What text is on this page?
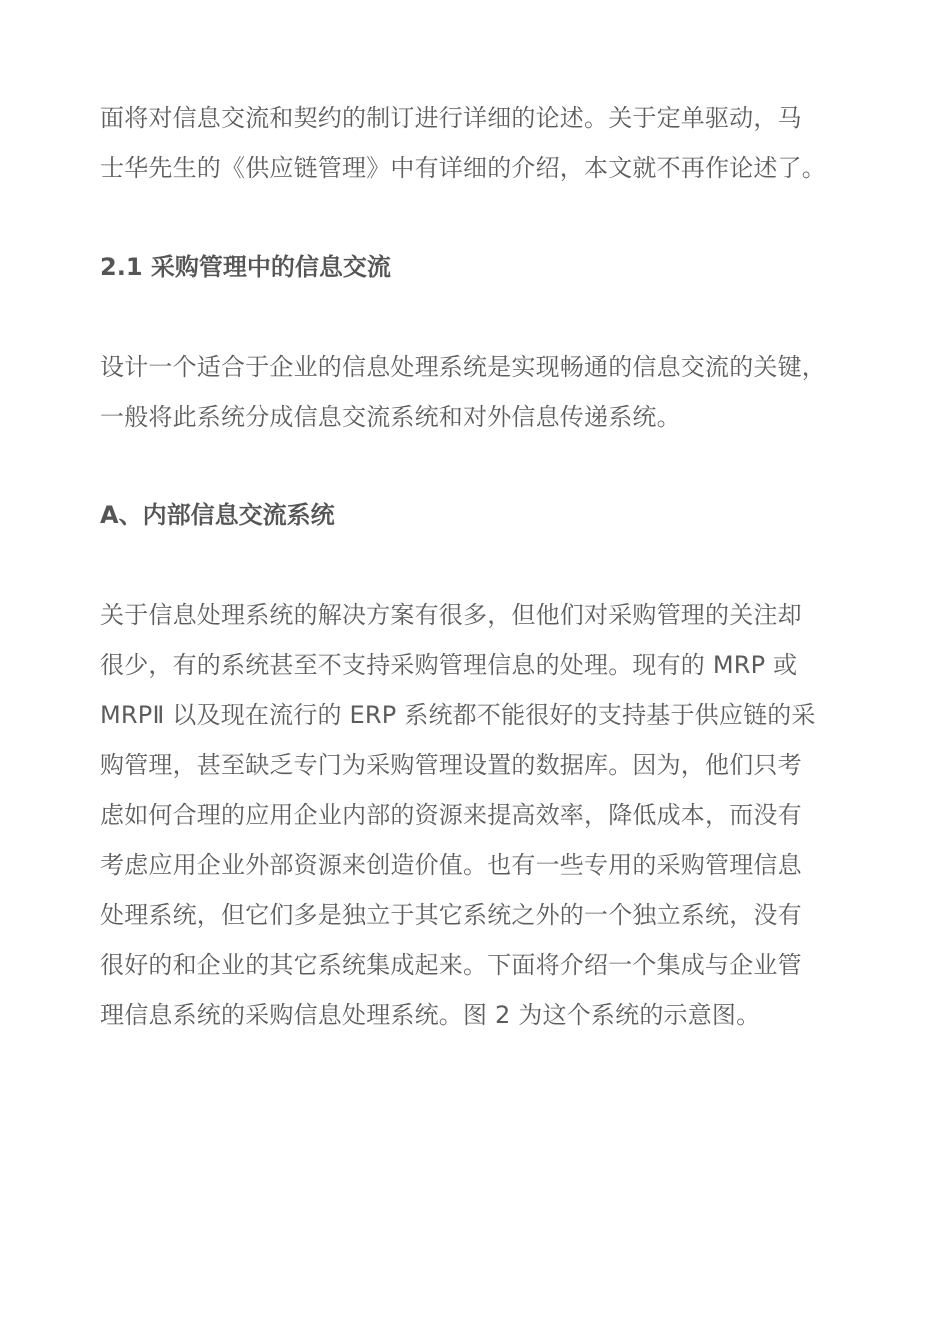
面将对信息交流和契约的制订进行详细的论述。关于定单驱动，马
士华先生的《供应链管理》中有详细的介绍，本文就不再作论述了。
2.1 采购管理中的信息交流
设计一个适合于企业的信息处理系统是实现畅通的信息交流的关键，
一般将此系统分成信息交流系统和对外信息传递系统。
A、内部信息交流系统
关于信息处理系统的解决方案有很多，但他们对采购管理的关注却
很少，有的系统甚至不支持采购管理信息的处理。现有的 MRP 或
MRPⅡ 以及现在流行的 ERP 系统都不能很好的支持基于供应链的采
购管理，甚至缺乏专门为采购管理设置的数据库。因为，他们只考
虑如何合理的应用企业内部的资源来提高效率，降低成本，而没有
考虑应用企业外部资源来创造价值。也有一些专用的采购管理信息
处理系统，但它们多是独立于其它系统之外的一个独立系统，没有
很好的和企业的其它系统集成起来。下面将介绍一个集成与企业管
理信息系统的采购信息处理系统。图 2 为这个系统的示意图。
